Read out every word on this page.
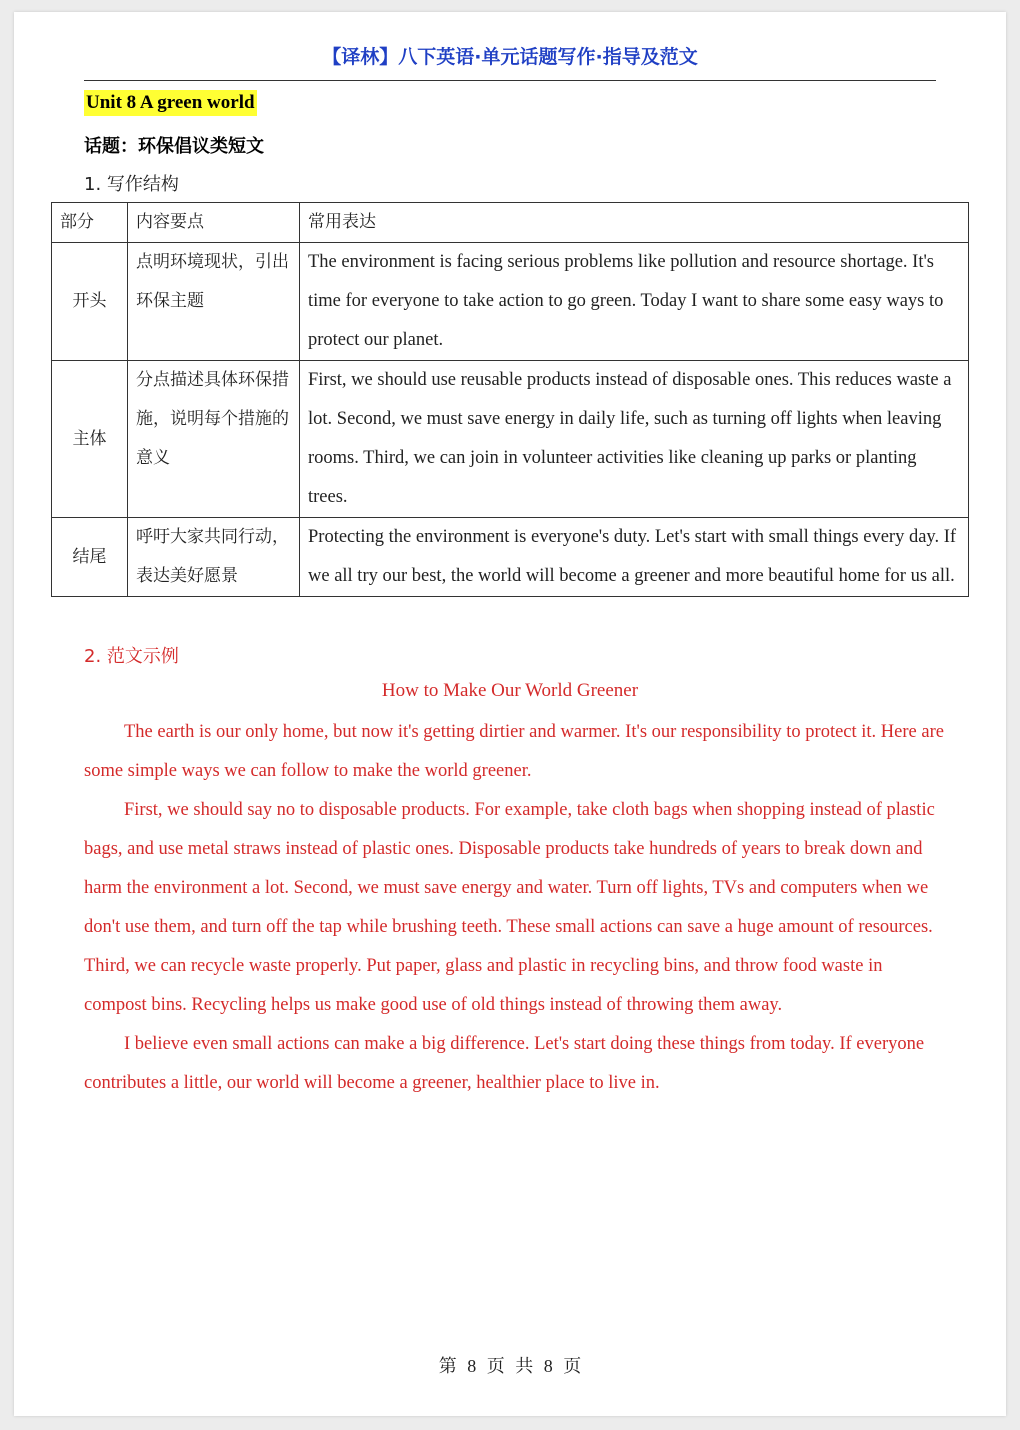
【译林】八下英语·单元话题写作·指导及范文
Unit 8 A green world
话题：环保倡议类短文
1. 写作结构
部分	内容要点	常用表达
开头	点明环境现状，引出环保主题	The environment is facing serious problems like pollution and resource shortage. It's time for everyone to take action to go green. Today I want to share some easy ways to protect our planet.
主体	分点描述具体环保措施，说明每个措施的意义	First, we should use reusable products instead of disposable ones. This reduces waste a lot. Second, we must save energy in daily life, such as turning off lights when leaving rooms. Third, we can join in volunteer activities like cleaning up parks or planting trees.
结尾	呼吁大家共同行动，表达美好愿景	Protecting the environment is everyone's duty. Let's start with small things every day. If we all try our best, the world will become a greener and more beautiful home for us all.
2. 范文示例
How to Make Our World Greener

The earth is our only home, but now it's getting dirtier and warmer. It's our responsibility to protect it. Here are some simple ways we can follow to make the world greener.

First, we should say no to disposable products. For example, take cloth bags when shopping instead of plastic bags, and use metal straws instead of plastic ones. Disposable products take hundreds of years to break down and harm the environment a lot. Second, we must save energy and water. Turn off lights, TVs and computers when we don't use them, and turn off the tap while brushing teeth. These small actions can save a huge amount of resources. Third, we can recycle waste properly. Put paper, glass and plastic in recycling bins, and throw food waste in compost bins. Recycling helps us make good use of old things instead of throwing them away.

I believe even small actions can make a big difference. Let's start doing these things from today. If everyone contributes a little, our world will become a greener, healthier place to live in.

第 8 页 共 8 页
